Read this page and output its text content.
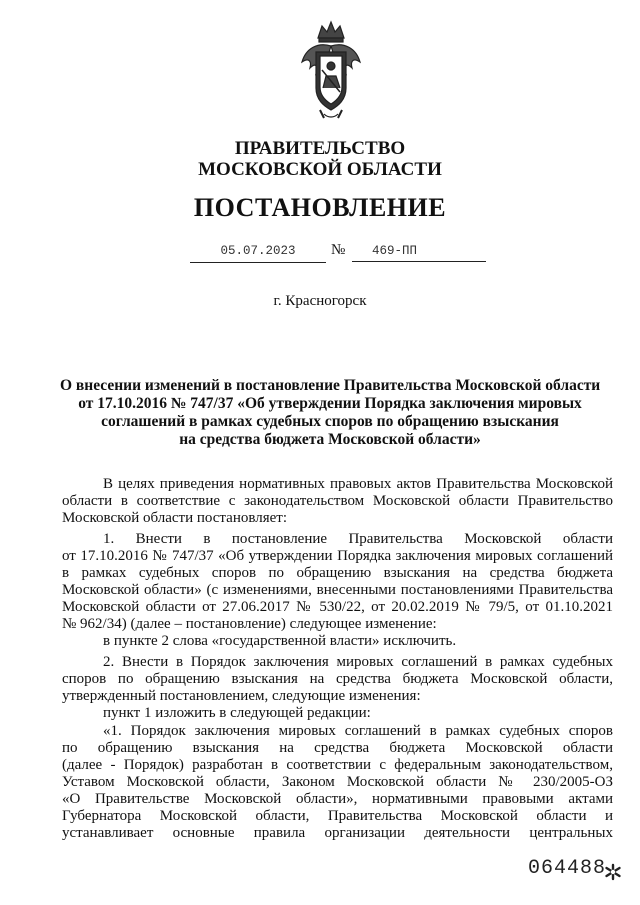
ПРАВИТЕЛЬСТВО
МОСКОВСКОЙ ОБЛАСТИ
ПОСТАНОВЛЕНИЕ
05.07.2023	№	469-ПП
г. Красногорск
О внесении изменений в постановление Правительства Московской области
от 17.10.2016 № 747/37 «Об утверждении Порядка заключения мировых
соглашений в рамках судебных споров по обращению взыскания
на средства бюджета Московской области»
В целях приведения нормативных правовых актов Правительства Московской
области в соответствие с законодательством Московской области Правительство
Московской области постановляет:
1. Внести в постановление Правительства Московской области
от 17.10.2016 № 747/37 «Об утверждении Порядка заключения мировых соглашений
в рамках судебных споров по обращению взыскания на средства бюджета
Московской области» (с изменениями, внесенными постановлениями Правительства
Московской области от 27.06.2017 № 530/22, от 20.02.2019 № 79/5, от 01.10.2021
№ 962/34) (далее – постановление) следующее изменение:
в пункте 2 слова «государственной власти» исключить.
2. Внести в Порядок заключения мировых соглашений в рамках судебных
споров по обращению взыскания на средства бюджета Московской области,
утвержденный постановлением, следующие изменения:
пункт 1 изложить в следующей редакции:
«1. Порядок заключения мировых соглашений в рамках судебных споров
по обращению взыскания на средства бюджета Московской области
(далее - Порядок) разработан в соответствии с федеральным законодательством,
Уставом Московской области, Законом Московской области № 230/2005-ОЗ
«О Правительстве Московской области», нормативными правовыми актами
Губернатора Московской области, Правительства Московской области и
устанавливает основные правила организации деятельности центральных
064488
